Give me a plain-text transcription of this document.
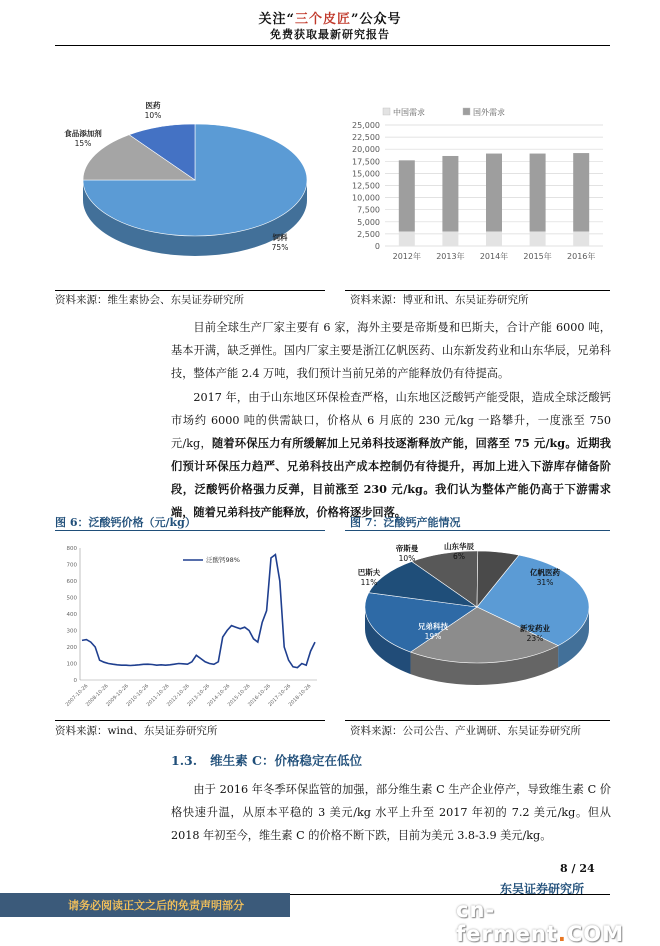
关注“三个皮匠”公众号
免费获取最新研究报告
饲料
75%
食品添加剂
15%
医药
10%
0
2,500
5,000
7,500
10,000
12,500
15,000
17,500
20,000
22,500
25,000
2012年 2013年 2014年 2015年 2016年
中国需求	国外需求
资料来源：维生素协会、东吴证券研究所	资料来源：博亚和讯、东吴证券研究所

目前全球生产厂家主要有 6 家，海外主要是帝斯曼和巴斯夫，合计产能 6000 吨，基本开满，缺乏弹性。国内厂家主要是浙江亿帆医药、山东新发药业和山东华辰，兄弟科技，整体产能 2.4 万吨，我们预计当前兄弟的产能释放仍有待提高。

2017 年，由于山东地区环保检查严格，山东地区泛酸钙产能受限，造成全球泛酸钙市场约 6000 吨的供需缺口，价格从 6 月底的 230 元/kg 一路攀升，一度涨至 750 元/kg，随着环保压力有所缓解加上兄弟科技逐渐释放产能，回落至 75 元/kg。近期我们预计环保压力趋严、兄弟科技出产成本控制仍有待提升，再加上进入下游库存储备阶段，泛酸钙价格强力反弹，目前涨至 230 元/kg。我们认为整体产能仍高于下游需求端，随着兄弟科技产能释放，价格将逐步回落。

图 6：泛酸钙价格（元/kg）	图 7：泛酸钙产能情况
0
100
200
300
400
500
600
700
800
2007-10-26
2008-10-26
2009-10-26
2010-10-26
2011-10-26
2012-10-26
2013-10-26
2014-10-26
2015-10-26
2016-10-26
2017-10-26
2018-10-26
泛酸钙98%
亿帆医药
31%
新发药业
23%
兄弟科技
19%
巴斯夫
11%
帝斯曼
10%
山东华辰
6%
资料来源：wind、东吴证券研究所	资料来源：公司公告、产业调研、东吴证券研究所
1.3. 维生素 C：价格稳定在低位

由于 2016 年冬季环保监管的加强，部分维生素 C 生产企业停产，导致维生素 C 价格快速升温，从原本平稳的 3 美元/kg 水平上升至 2017 年初的 7.2 美元/kg。但从 2018 年初至今，维生素 C 的价格不断下跌，目前为美元 3.8-3.9 美元/kg。

8 / 24
东吴证券研究所
请务必阅读正文之后的免责声明部分	cn-ferment.COM
